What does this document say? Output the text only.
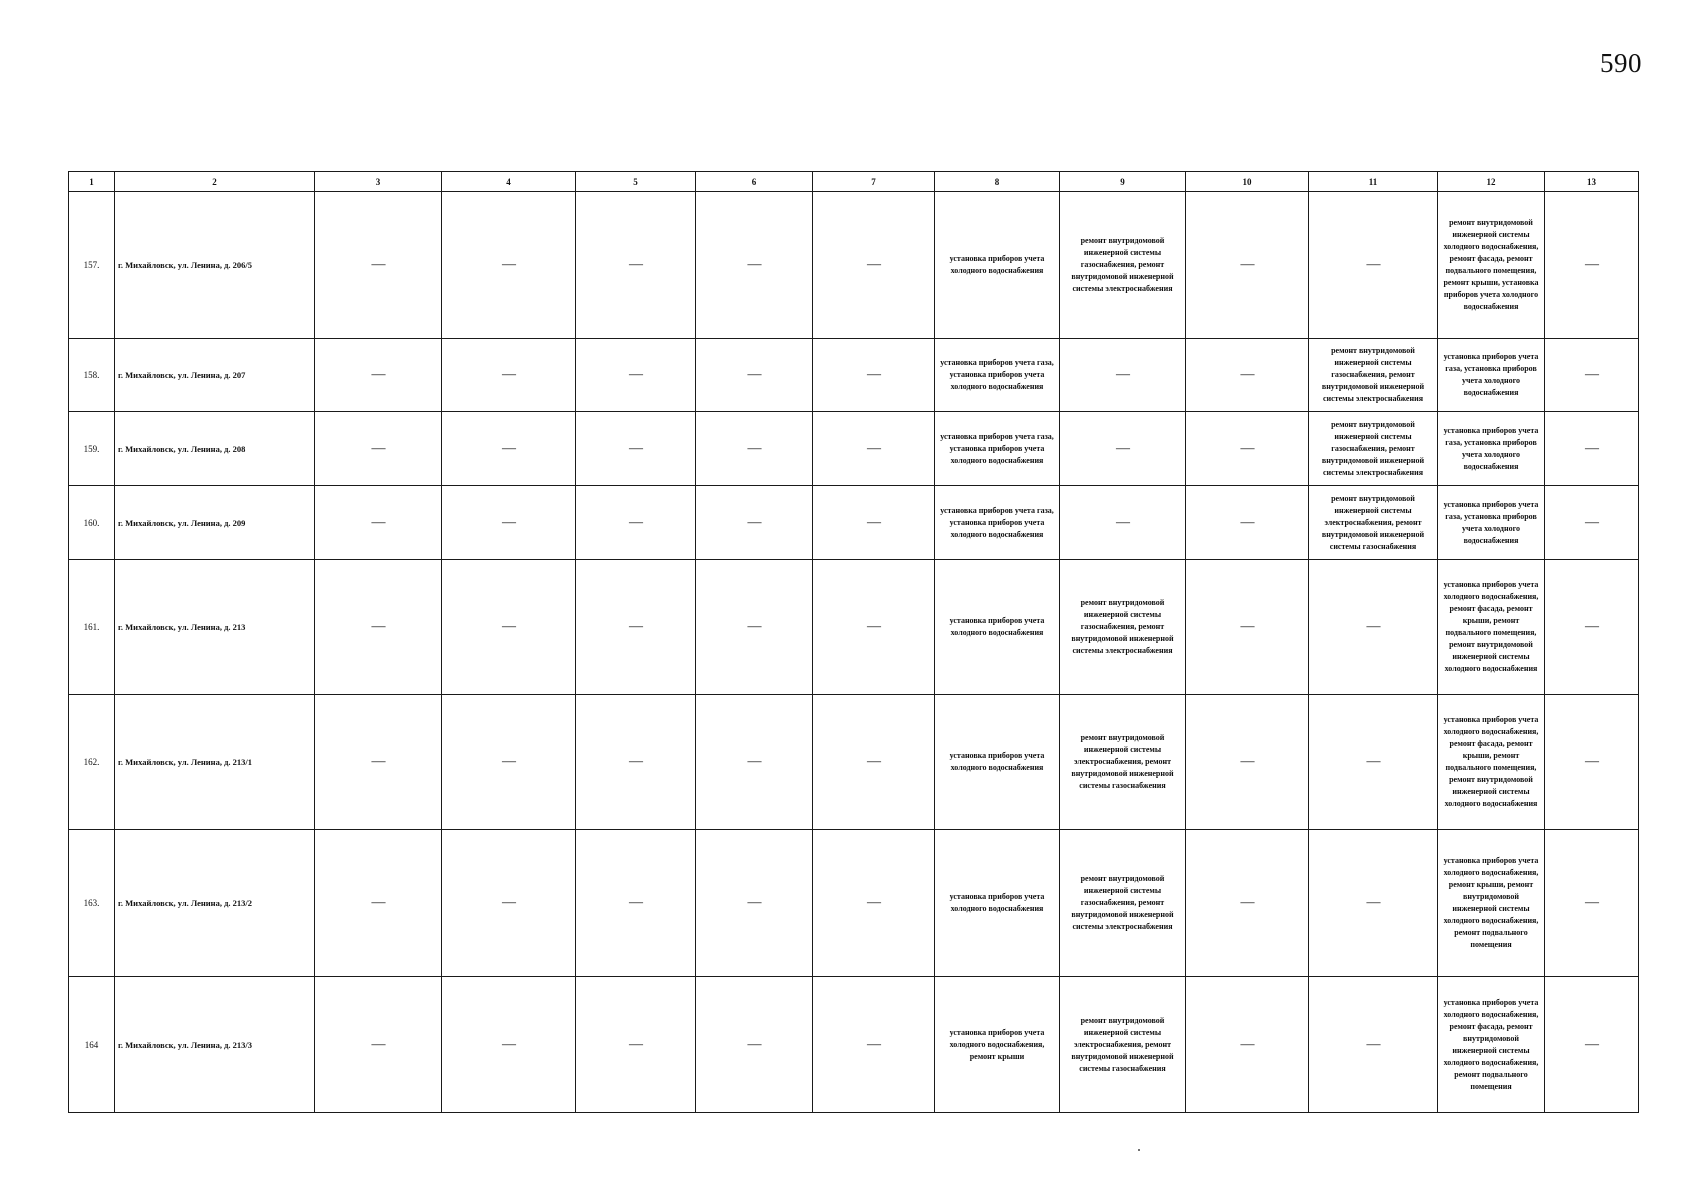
590
1	2	3	4	5	6	7	8	9	10	11	12	13
157.	г. Михайловск, ул. Ленина, д. 206/5	—	—	—	—	—	установка приборов учета холодного водоснабжения	ремонт внутридомовой инженерной системы газоснабжения, ремонт внутридомовой инженерной системы электроснабжения	—	—	ремонт внутридомовой инженерной системы холодного водоснабжения, ремонт фасада, ремонт подвального помещения, ремонт крыши, установка приборов учета холодного водоснабжения	—
158.	г. Михайловск, ул. Ленина, д. 207	—	—	—	—	—	установка приборов учета газа, установка приборов учета холодного водоснабжения	—	—	ремонт внутридомовой инженерной системы газоснабжения, ремонт внутридомовой инженерной системы электроснабжения	установка приборов учета газа, установка приборов учета холодного водоснабжения	—
159.	г. Михайловск, ул. Ленина, д. 208	—	—	—	—	—	установка приборов учета газа, установка приборов учета холодного водоснабжения	—	—	ремонт внутридомовой инженерной системы газоснабжения, ремонт внутридомовой инженерной системы электроснабжения	установка приборов учета газа, установка приборов учета холодного водоснабжения	—
160.	г. Михайловск, ул. Ленина, д. 209	—	—	—	—	—	установка приборов учета газа, установка приборов учета холодного водоснабжения	—	—	ремонт внутридомовой инженерной системы электроснабжения, ремонт внутридомовой инженерной системы газоснабжения	установка приборов учета газа, установка приборов учета холодного водоснабжения	—
161.	г. Михайловск, ул. Ленина, д. 213	—	—	—	—	—	установка приборов учета холодного водоснабжения	ремонт внутридомовой инженерной системы газоснабжения, ремонт внутридомовой инженерной системы электроснабжения	—	—	установка приборов учета холодного водоснабжения, ремонт фасада, ремонт крыши, ремонт подвального помещения, ремонт внутридомовой инженерной системы холодного водоснабжения	—
162.	г. Михайловск, ул. Ленина, д. 213/1	—	—	—	—	—	установка приборов учета холодного водоснабжения	ремонт внутридомовой инженерной системы электроснабжения, ремонт внутридомовой инженерной системы газоснабжения	—	—	установка приборов учета холодного водоснабжения, ремонт фасада, ремонт крыши, ремонт подвального помещения, ремонт внутридомовой инженерной системы холодного водоснабжения	—
163.	г. Михайловск, ул. Ленина, д. 213/2	—	—	—	—	—	установка приборов учета холодного водоснабжения	ремонт внутридомовой инженерной системы газоснабжения, ремонт внутридомовой инженерной системы электроснабжения	—	—	установка приборов учета холодного водоснабжения, ремонт крыши, ремонт внутридомовой инженерной системы холодного водоснабжения, ремонт подвального помещения	—
164	г. Михайловск, ул. Ленина, д. 213/3	—	—	—	—	—	установка приборов учета холодного водоснабжения, ремонт крыши	ремонт внутридомовой инженерной системы электроснабжения, ремонт внутридомовой инженерной системы газоснабжения	—	—	установка приборов учета холодного водоснабжения, ремонт фасада, ремонт внутридомовой инженерной системы холодного водоснабжения, ремонт подвального помещения	—
